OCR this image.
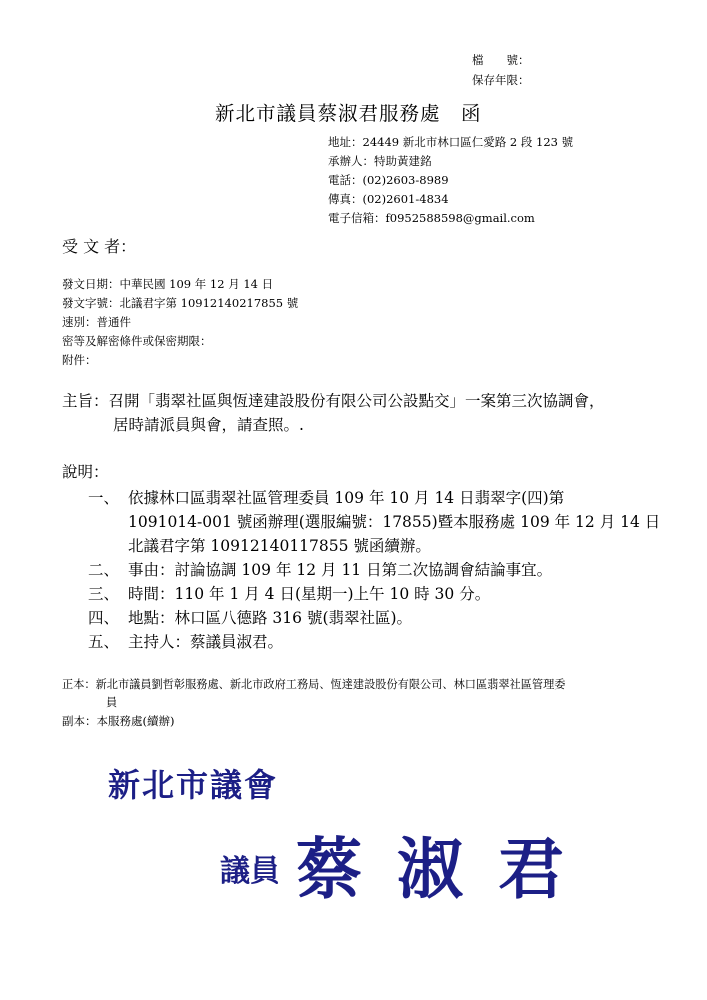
檔　　號：
保存年限：
新北市議員蔡淑君服務處　函
地址：24449 新北市林口區仁愛路 2 段 123 號
承辦人：特助黃建銘
電話：(02)2603-8989
傳真：(02)2601-4834
電子信箱：f0952588598@gmail.com
受 文 者：
發文日期：中華民國 109 年 12 月 14 日
發文字號：北議君字第 10912140217855 號
速別：普通件
密等及解密條件或保密期限：
附件：
主旨：召開「翡翠社區與恆達建設股份有限公司公設點交」一案第三次協調會，
居時請派員與會，請查照。.
說明：
一、 依據林口區翡翠社區管理委員 109 年 10 月 14 日翡翠字(四)第
1091014-001 號函辦理(選服編號：17855)暨本服務處 109 年 12 月 14 日
北議君字第 10912140117855 號函續辦。
二、 事由：討論協調 109 年 12 月 11 日第二次協調會結論事宜。
三、 時間：110 年 1 月 4 日(星期一)上午 10 時 30 分。
四、 地點：林口區八德路 316 號(翡翠社區)。
五、 主持人：蔡議員淑君。
正本：新北市議員劉哲彰服務處、新北市政府工務局、恆達建設股份有限公司、林口區翡翠社區管理委
員
副本：本服務處(續辦)
新北市議會
議員 蔡 淑 君
